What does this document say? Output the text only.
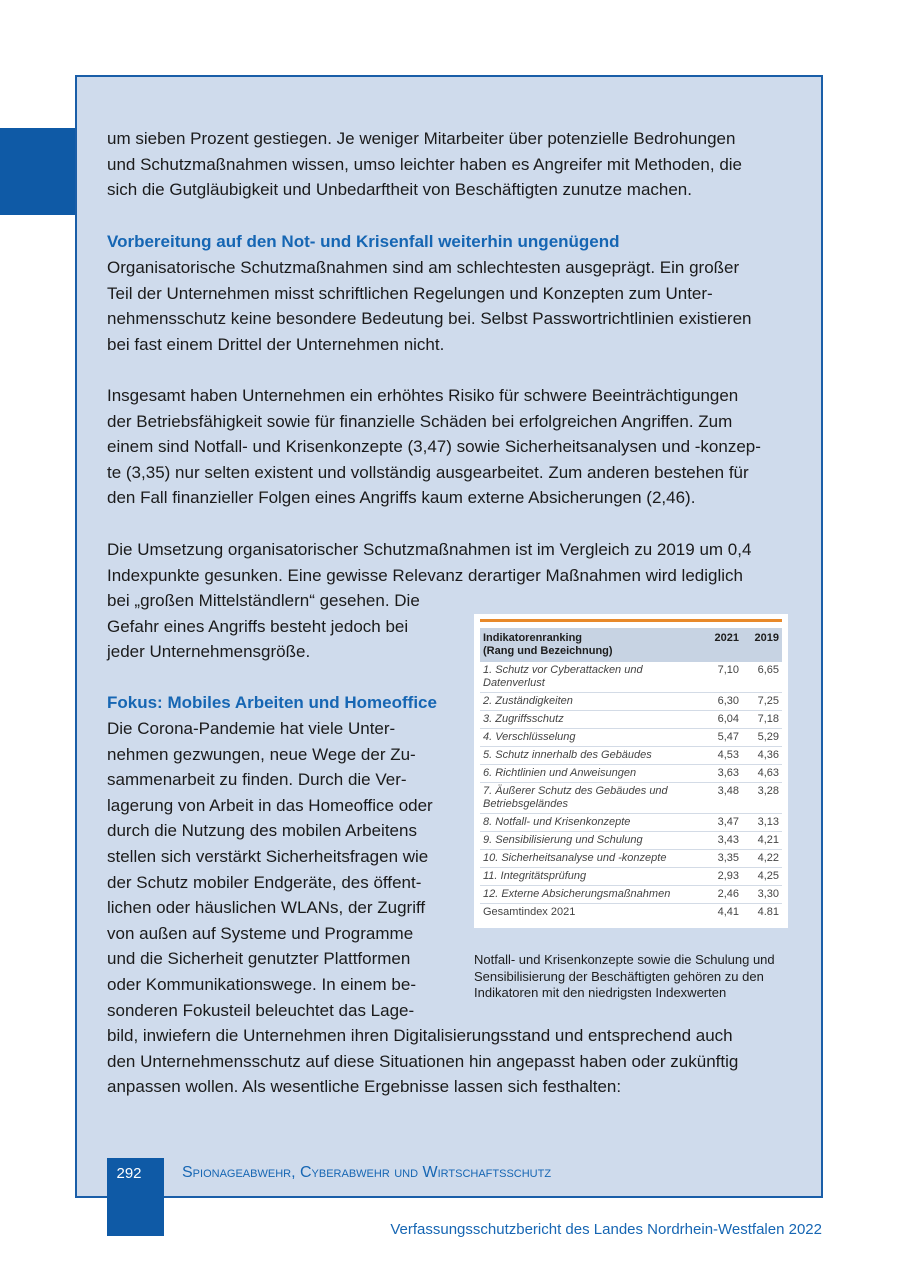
um sieben Prozent gestiegen. Je weniger Mitarbeiter über potenzielle Bedrohungen
und Schutzmaßnahmen wissen, umso leichter haben es Angreifer mit Methoden, die
sich die Gutgläubigkeit und Unbedarftheit von Beschäftigten zunutze machen.

Vorbereitung auf den Not- und Krisenfall weiterhin ungenügend

Organisatorische Schutzmaßnahmen sind am schlechtesten ausgeprägt. Ein großer
Teil der Unternehmen misst schriftlichen Regelungen und Konzepten zum Unter-
nehmensschutz keine besondere Bedeutung bei. Selbst Passwortrichtlinien existieren
bei fast einem Drittel der Unternehmen nicht.

Insgesamt haben Unternehmen ein erhöhtes Risiko für schwere Beeinträchtigungen
der Betriebsfähigkeit sowie für finanzielle Schäden bei erfolgreichen Angriffen. Zum
einem sind Notfall- und Krisenkonzepte (3,47) sowie Sicherheitsanalysen und -konzep-
te (3,35) nur selten existent und vollständig ausgearbeitet. Zum anderen bestehen für
den Fall finanzieller Folgen eines Angriffs kaum externe Absicherungen (2,46).

Die Umsetzung organisatorischer Schutzmaßnahmen ist im Vergleich zu 2019 um 0,4
Indexpunkte gesunken. Eine gewisse Relevanz derartiger Maßnahmen wird lediglich

bei „großen Mittelständlern“ gesehen. Die
Gefahr eines Angriffs besteht jedoch bei
jeder Unternehmensgröße.

Fokus: Mobiles Arbeiten und Homeoffice

Die Corona-Pandemie hat viele Unter-
nehmen gezwungen, neue Wege der Zu-
sammenarbeit zu finden. Durch die Ver-
lagerung von Arbeit in das Homeoffice oder
durch die Nutzung des mobilen Arbeitens
stellen sich verstärkt Sicherheitsfragen wie
der Schutz mobiler Endgeräte, des öffent-
lichen oder häuslichen WLANs, der Zugriff
von außen auf Systeme und Programme
und die Sicherheit genutzter Plattformen
oder Kommunikationswege. In einem be-
sonderen Fokusteil beleuchtet das Lage-

bild, inwiefern die Unternehmen ihren Digitalisierungsstand und entsprechend auch
den Unternehmensschutz auf diese Situationen hin angepasst haben oder zukünftig
anpassen wollen. Als wesentliche Ergebnisse lassen sich festhalten:

Indikatorenranking
(Rang und Bezeichnung)	2021	2019
1. Schutz vor Cyberattacken und
Datenverlust	7,10	6,65
2. Zuständigkeiten	6,30	7,25
3. Zugriffsschutz	6,04	7,18
4. Verschlüsselung	5,47	5,29
5. Schutz innerhalb des Gebäudes	4,53	4,36
6. Richtlinien und Anweisungen	3,63	4,63
7. Äußerer Schutz des Gebäudes und
Betriebsgeländes	3,48	3,28
8. Notfall- und Krisenkonzepte	3,47	3,13
9. Sensibilisierung und Schulung	3,43	4,21
10. Sicherheitsanalyse und -konzepte	3,35	4,22
11. Integritätsprüfung	2,93	4,25
12. Externe Absicherungsmaßnahmen	2,46	3,30
Gesamtindex 2021	4,41	4.81
Notfall- und Krisenkonzepte sowie die Schulung und Sensibilisierung der Beschäftigten gehören zu den Indikatoren mit den niedrigsten Indexwerten
292	Spionageabwehr, Cyberabwehr und Wirtschaftsschutz
Verfassungsschutzbericht des Landes Nordrhein-Westfalen 2022
